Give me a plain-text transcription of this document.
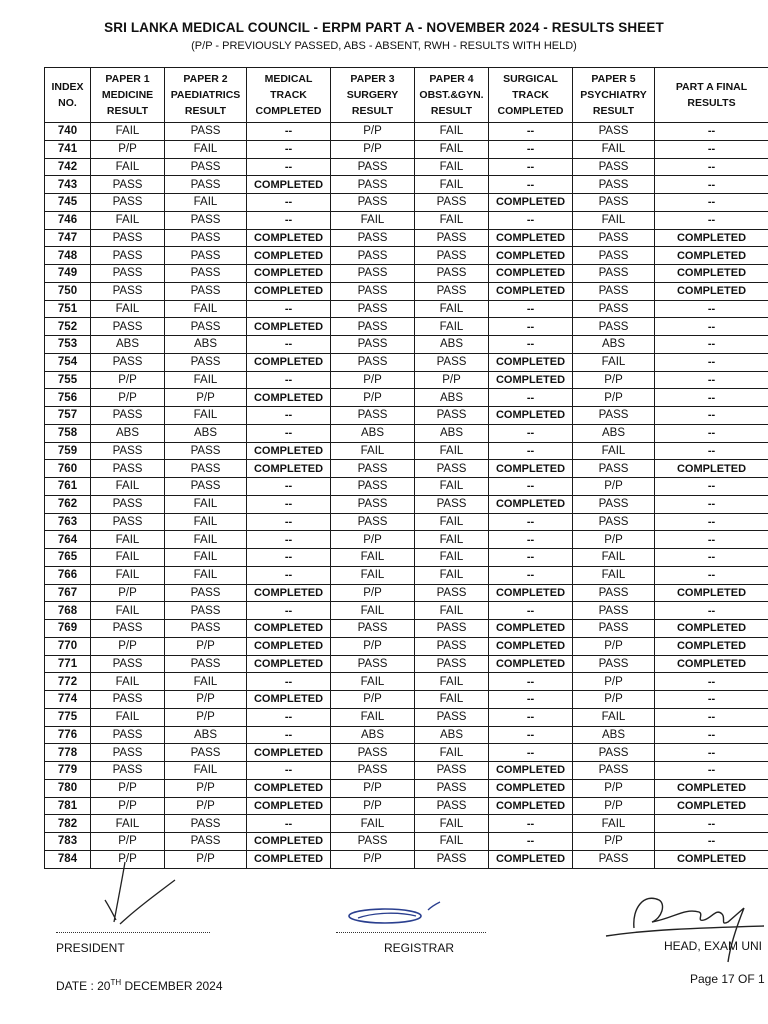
SRI LANKA MEDICAL COUNCIL - ERPM PART A - NOVEMBER 2024 - RESULTS SHEET
(P/P - PREVIOUSLY PASSED, ABS - ABSENT, RWH - RESULTS WITH HELD)
INDEX NO.	PAPER 1 MEDICINE RESULT	PAPER 2 PAEDIATRICS RESULT	MEDICAL TRACK COMPLETED	PAPER 3 SURGERY RESULT	PAPER 4 OBST.&GYN. RESULT	SURGICAL TRACK COMPLETED	PAPER 5 PSYCHIATRY RESULT	PART A FINAL RESULTS
740	FAIL	PASS	--	P/P	FAIL	--	PASS	--
741	P/P	FAIL	--	P/P	FAIL	--	FAIL	--
742	FAIL	PASS	--	PASS	FAIL	--	PASS	--
743	PASS	PASS	COMPLETED	PASS	FAIL	--	PASS	--
745	PASS	FAIL	--	PASS	PASS	COMPLETED	PASS	--
746	FAIL	PASS	--	FAIL	FAIL	--	FAIL	--
747	PASS	PASS	COMPLETED	PASS	PASS	COMPLETED	PASS	COMPLETED
748	PASS	PASS	COMPLETED	PASS	PASS	COMPLETED	PASS	COMPLETED
749	PASS	PASS	COMPLETED	PASS	PASS	COMPLETED	PASS	COMPLETED
750	PASS	PASS	COMPLETED	PASS	PASS	COMPLETED	PASS	COMPLETED
751	FAIL	FAIL	--	PASS	FAIL	--	PASS	--
752	PASS	PASS	COMPLETED	PASS	FAIL	--	PASS	--
753	ABS	ABS	--	PASS	ABS	--	ABS	--
754	PASS	PASS	COMPLETED	PASS	PASS	COMPLETED	FAIL	--
755	P/P	FAIL	--	P/P	P/P	COMPLETED	P/P	--
756	P/P	P/P	COMPLETED	P/P	ABS	--	P/P	--
757	PASS	FAIL	--	PASS	PASS	COMPLETED	PASS	--
758	ABS	ABS	--	ABS	ABS	--	ABS	--
759	PASS	PASS	COMPLETED	FAIL	FAIL	--	FAIL	--
760	PASS	PASS	COMPLETED	PASS	PASS	COMPLETED	PASS	COMPLETED
761	FAIL	PASS	--	PASS	FAIL	--	P/P	--
762	PASS	FAIL	--	PASS	PASS	COMPLETED	PASS	--
763	PASS	FAIL	--	PASS	FAIL	--	PASS	--
764	FAIL	FAIL	--	P/P	FAIL	--	P/P	--
765	FAIL	FAIL	--	FAIL	FAIL	--	FAIL	--
766	FAIL	FAIL	--	FAIL	FAIL	--	FAIL	--
767	P/P	PASS	COMPLETED	P/P	PASS	COMPLETED	PASS	COMPLETED
768	FAIL	PASS	--	FAIL	FAIL	--	PASS	--
769	PASS	PASS	COMPLETED	PASS	PASS	COMPLETED	PASS	COMPLETED
770	P/P	P/P	COMPLETED	P/P	PASS	COMPLETED	P/P	COMPLETED
771	PASS	PASS	COMPLETED	PASS	PASS	COMPLETED	PASS	COMPLETED
772	FAIL	FAIL	--	FAIL	FAIL	--	P/P	--
774	PASS	P/P	COMPLETED	P/P	FAIL	--	P/P	--
775	FAIL	P/P	--	FAIL	PASS	--	FAIL	--
776	PASS	ABS	--	ABS	ABS	--	ABS	--
778	PASS	PASS	COMPLETED	PASS	FAIL	--	PASS	--
779	PASS	FAIL	--	PASS	PASS	COMPLETED	PASS	--
780	P/P	P/P	COMPLETED	P/P	PASS	COMPLETED	P/P	COMPLETED
781	P/P	P/P	COMPLETED	P/P	PASS	COMPLETED	P/P	COMPLETED
782	FAIL	PASS	--	FAIL	FAIL	--	FAIL	--
783	P/P	PASS	COMPLETED	PASS	FAIL	--	P/P	--
784	P/P	P/P	COMPLETED	P/P	PASS	COMPLETED	PASS	COMPLETED
PRESIDENT	REGISTRAR	HEAD, EXAM UNI
DATE : 20TH DECEMBER 2024	Page 17 OF 1
